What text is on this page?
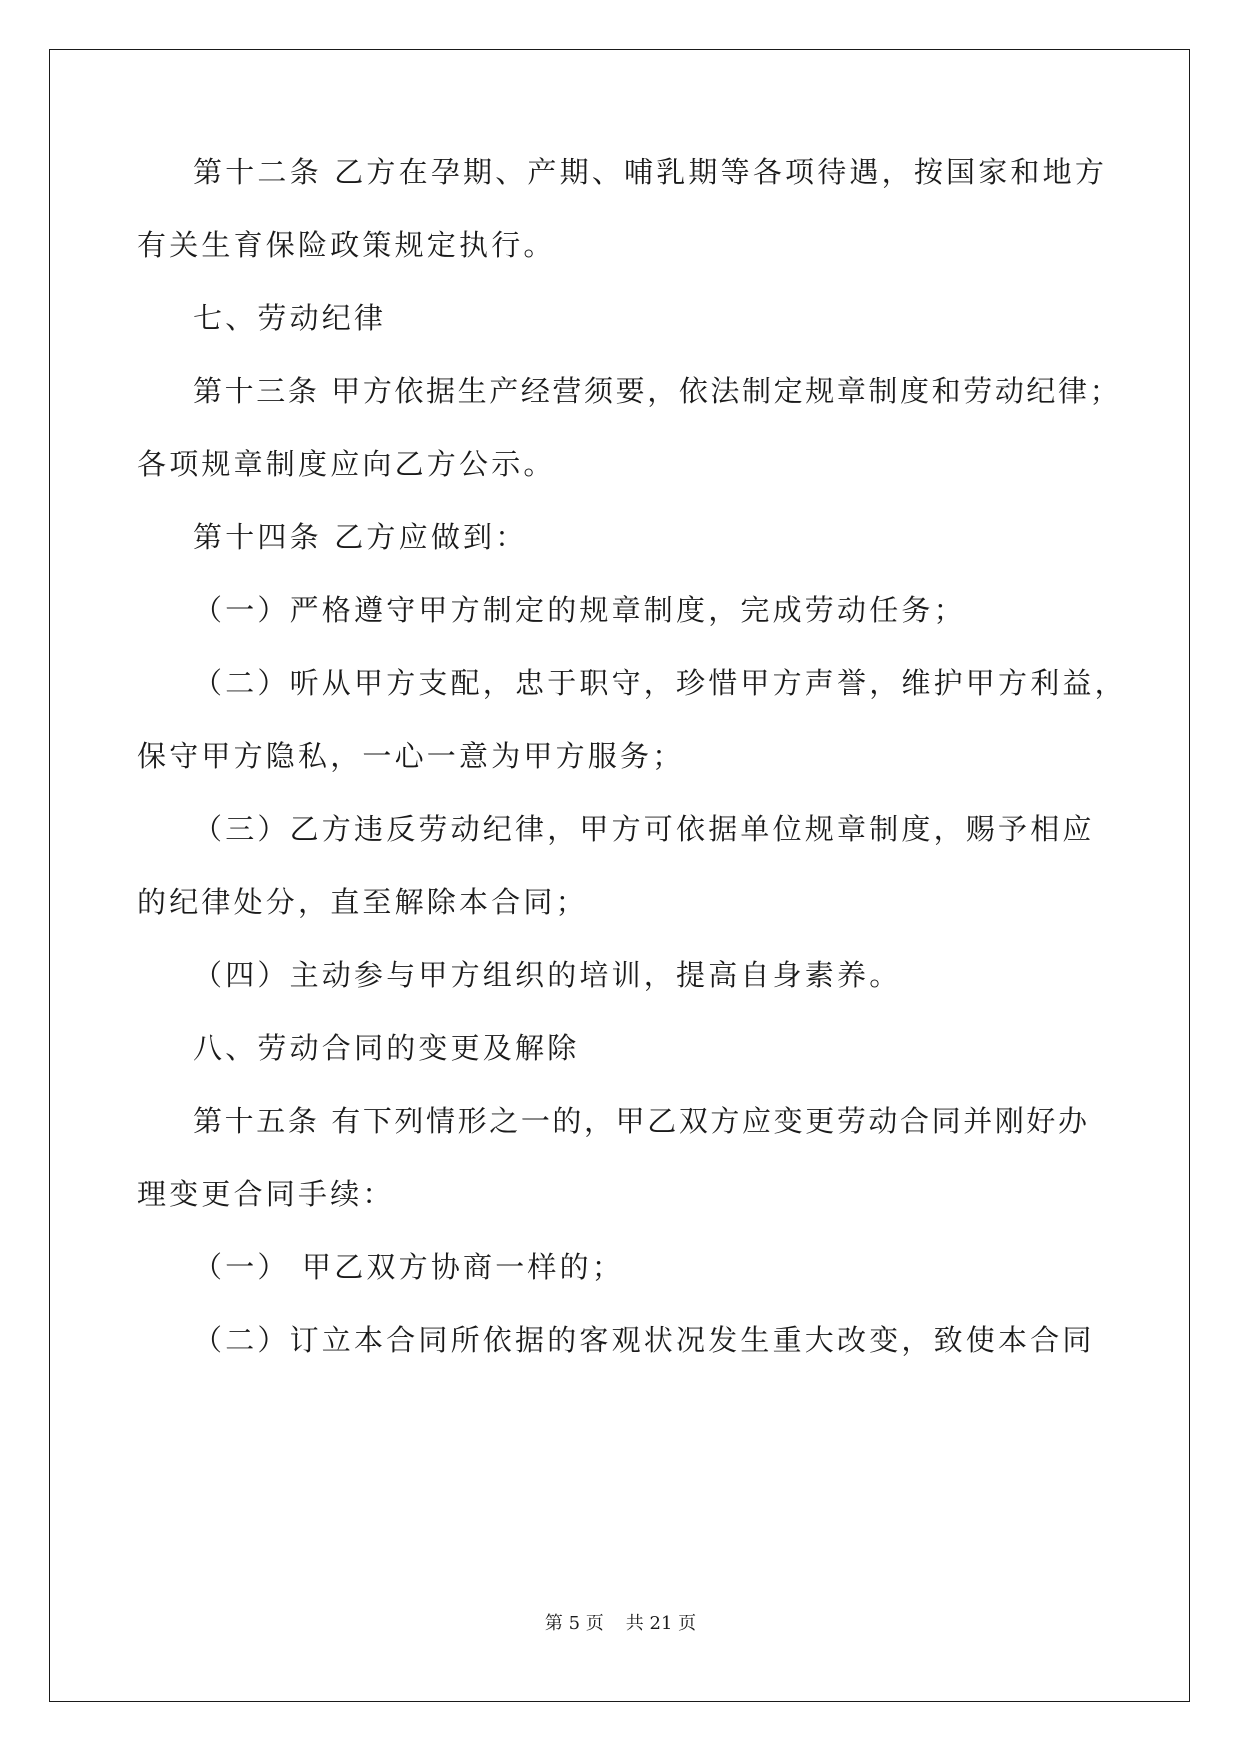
第十二条 乙方在孕期、产期、哺乳期等各项待遇，按国家和地方

有关生育保险政策规定执行。

七、劳动纪律

第十三条 甲方依据生产经营须要，依法制定规章制度和劳动纪律；

各项规章制度应向乙方公示。

第十四条 乙方应做到：

（一）严格遵守甲方制定的规章制度，完成劳动任务；

（二）听从甲方支配，忠于职守，珍惜甲方声誉，维护甲方利益，

保守甲方隐私，一心一意为甲方服务；

（三）乙方违反劳动纪律，甲方可依据单位规章制度，赐予相应

的纪律处分，直至解除本合同；

（四）主动参与甲方组织的培训，提高自身素养。

八、劳动合同的变更及解除

第十五条 有下列情形之一的，甲乙双方应变更劳动合同并刚好办

理变更合同手续：

（一） 甲乙双方协商一样的；

（二）订立本合同所依据的客观状况发生重大改变，致使本合同

第 5 页 共 21 页
